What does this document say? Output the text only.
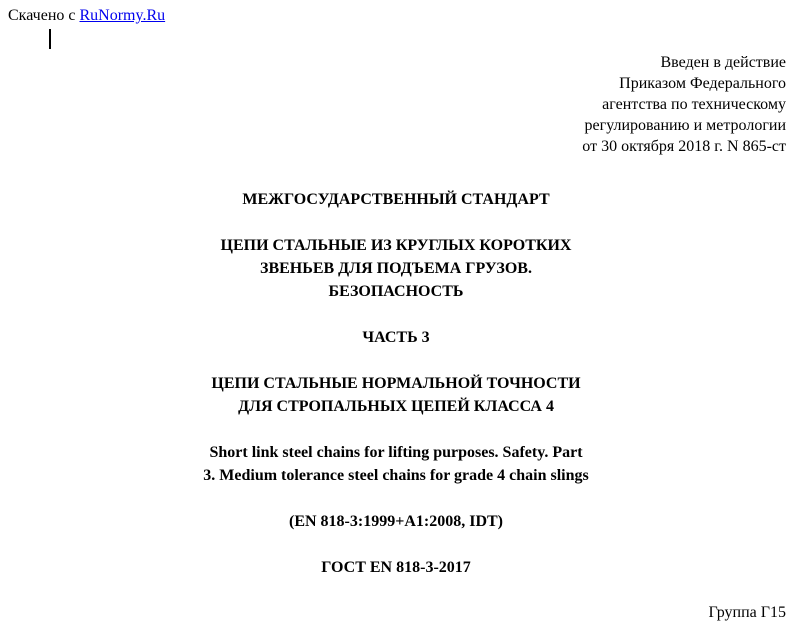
Скачено с RuNormy.Ru
Введен в действие
Приказом Федерального
агентства по техническому
регулированию и метрологии
от 30 октября 2018 г. N 865-ст
МЕЖГОСУДАРСТВЕННЫЙ СТАНДАРТ
ЦЕПИ СТАЛЬНЫЕ ИЗ КРУГЛЫХ КОРОТКИХ
ЗВЕНЬЕВ ДЛЯ ПОДЪЕМА ГРУЗОВ.
БЕЗОПАСНОСТЬ
ЧАСТЬ 3
ЦЕПИ СТАЛЬНЫЕ НОРМАЛЬНОЙ ТОЧНОСТИ
ДЛЯ СТРОПАЛЬНЫХ ЦЕПЕЙ КЛАССА 4
Short link steel chains for lifting purposes. Safety. Part
3. Medium tolerance steel chains for grade 4 chain slings
(EN 818-3:1999+A1:2008, IDT)
ГОСТ EN 818-3-2017
Группа Г15
